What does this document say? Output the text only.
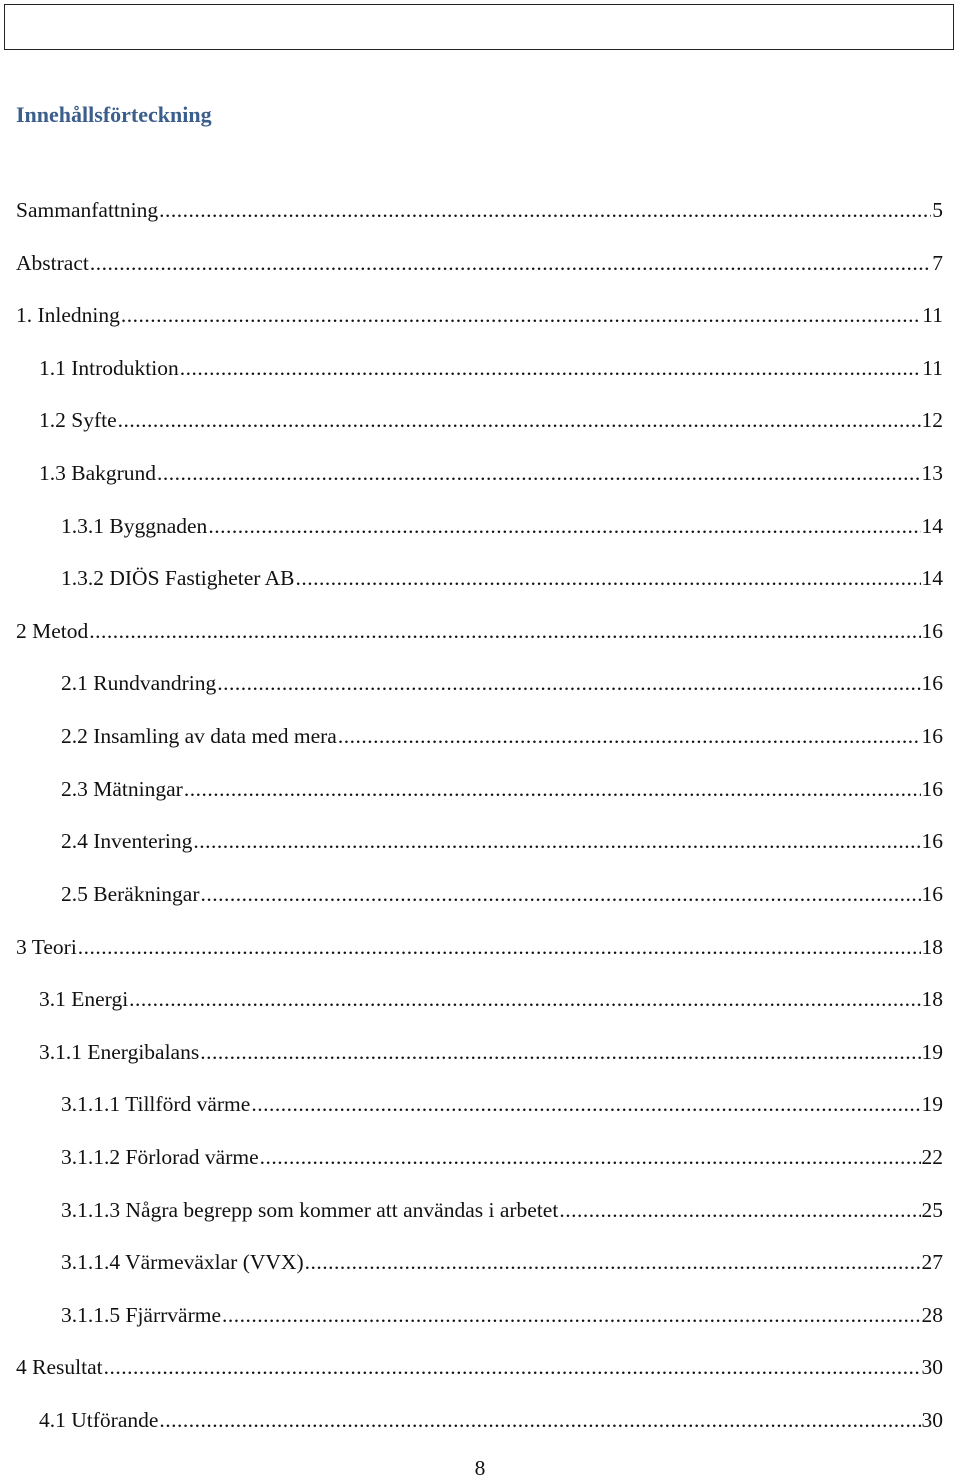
Innehållsförteckning
Sammanfattning .....	5
Abstract .....	7
1. Inledning .....	11
1.1 Introduktion .....	11
1.2 Syfte .....	12
1.3 Bakgrund .....	13
1.3.1 Byggnaden .....	14
1.3.2 DIÖS Fastigheter AB .....	14
2 Metod .....	16
2.1 Rundvandring .....	16
2.2 Insamling av data med mera .....	16
2.3 Mätningar .....	16
2.4 Inventering .....	16
2.5 Beräkningar .....	16
3 Teori .....	18
3.1 Energi .....	18
3.1.1 Energibalans .....	19
3.1.1.1 Tillförd värme .....	19
3.1.1.2 Förlorad värme .....	22
3.1.1.3 Några begrepp som kommer att användas i arbetet .....	25
3.1.1.4 Värmeväxlar (VVX) .....	27
3.1.1.5 Fjärrvärme .....	28
4 Resultat .....	30
4.1 Utförande .....	30
8
